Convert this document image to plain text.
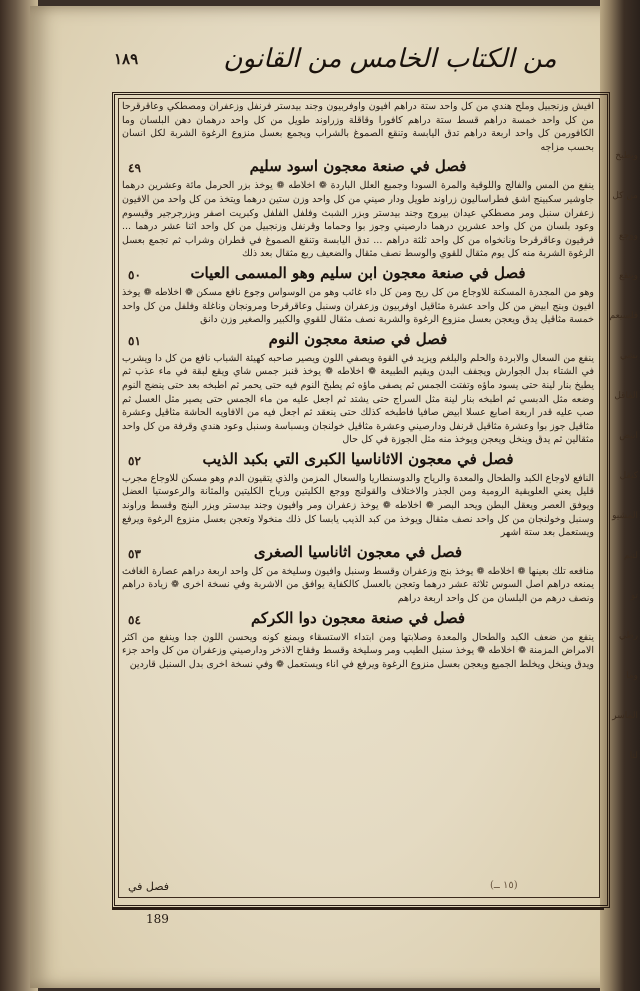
ويطبخ
من كل
ووجع
وينقع
فلسيعم
بشي
الفاقل
ابيض
كيقل
المشيو
لتيم
تو
رطي
وما
الماسر
لتا
١٨٩	من الكتاب الخامس من القانون

افيش وزنجبيل وملح هندي من كل واحد ستة دراهم افيون واوفربيون وجند بيدستر فرنفل وزعفران ومصطكي وعاقرقرحا من كل واحد خمسة دراهم قسط ستة دراهم كافورا وقاقلة وزراوند طويل من كل واحد درهمان دهن البلسان وما الكافورمن كل واحد اربعة دراهم تدق اليابسة وتنقع الصموغ بالشراب ويجمع بعسل منزوع الرغوة الشربة لكل انسان بحسب مزاجه

فصل في صنعة معجون اسود سليم
٤٩

ينفع من المس والفالج واللوقية والمرة السودا وجميع العلل الباردة ❁ اخلاطه ❁ يوخذ بزر الحرمل مائة وعشرين درهما جاوشير سكبينج اشق فطراساليون زراوند طويل ودار صيني من كل واحد وزن ستين درهما ويتخذ من كل واحد من الافيون زعفران سنبل ومر مصطكي عيدان بيروج وجند بيدستر وبزر الشبث وفلفل الفلفل وكبريت اصفر وبزرجرجير وقيسوم وعود بلسان من كل واحد عشرين درهما دارصيني وجوز بوا وحماما وقرنفل وزنجبيل من كل واحد اثنا عشر درهما ... فرفيون وعاقرقرحا ونانخواه من كل واحد ثلثة دراهم ... تدق اليابسة وتنقع الصموغ في قطران وشراب ثم تجمع بعسل الرغوة الشربة منه كل يوم مثقال للقوي والوسط نصف مثقال والضعيف ربع مثقال بعد ذلك

فصل في صنعة معجون ابن سليم وهو المسمى العيات
٥٠

وهو من المجدرة المسكنة للاوجاع من كل ريح ومن كل داء غائب وهو من الوسواس وجوع نافع مسكن ❁ اخلاطه ❁ يوخذ افيون وبنج ابيض من كل واحد عشرة مثاقيل اوفربيون وزعفران وسنبل وعاقرقرحا ومرونجان وناغلة وفلفل من كل واحد خمسة مثاقيل يدق ويعجن بعسل منزوع الرغوة والشربة نصف مثقال للقوي والكبير والصغير وزن دانق

فصل في صنعة معجون النوم
٥١

ينفع من السعال والابردة والحلم والبلغم ويزيد في القوة ويصفي اللون ويصير صاحبه كهيئة الشباب نافع من كل دا ويشرب في الشتاء بدل الجوارش ويجفف البدن ويقيم الطبيعة ❁ اخلاطه ❁ يوخذ قنبز جمس شاي ويقع لبقة في ماء عذب ثم يطبخ بنار لينة حتى يسود ماؤه وتفتت الجمس ثم يصفى ماؤه ثم يطبخ النوم فيه حتى يحمر ثم اطبخه بعد حتى ينضج النوم وضعه مثل الدبسي ثم اطبخه بنار لينة مثل السراج حتى يشتد ثم اجعل عليه من ماء الجمس حتى يصير مثل العسل ثم صب عليه قدر اربعة اصابع عسلا ابيض صافيا فاطبخه كذلك حتى ينعقد ثم اجعل فيه من الافاويه الحاشة مثاقيل وعشرة مثاقيل جوز بوا وعشرة مثاقيل قرنفل ودارصيني وعشرة مثاقيل خولنجان وبسباسة وسنبل وعود هندي وقرفة من كل واحد مثقالين ثم يدق وينخل ويعجن ويوخذ منه مثل الجوزة في كل حال

فصل في معجون الاثاناسيا الكبرى التي بكبد الذيب
٥٢

النافع لاوجاع الكبد والطحال والمعدة والرياح والدوسنطاريا والسعال المزمن والذي يتقيون الدم وهو مسكن للاوجاع مجرب قليل يعني العلويقية الرومية ومن الجذر والاختلاف والقولنج ووجع الكليتين ورياح الكليتين والمثانة والرعوستيا العضل ويوفق العصر ويعقل البطن ويحد البصر ❁ اخلاطه ❁ يوخذ زعفران ومر وافيون وجند بيدستر وبزر البنج وقسط وراوند وسنبل وخولنجان من كل واحد نصف مثقال ويوخذ من كبد الذيب يابسا كل ذلك منخولا وتعجن بعسل منزوع الرغوة ويرفع ويستعمل بعد ستة اشهر

فصل في معجون اثاناسيا الصغرى
٥٣

منافعه تلك بعينها ❁ اخلاطه ❁ يوخذ بنج وزعفران وقسط وسنبل وافيون وسليخة من كل واحد اربعة دراهم عصارة الغافث يمنعه دراهم اصل السوس ثلاثة عشر درهما وتعجن بالعسل كالكفاية يوافق من الاشربة وفي نسخة اخرى ❁ زيادة دراهم ونصف درهم من البلسان من كل واحد اربعة دراهم

فصل في صنعة معجون دوا الكركم
٥٤

ينفع من ضعف الكبد والطحال والمعدة وصلابتها ومن ابتداء الاستسقاء ويمنع كونه ويحسن اللون جدا وينفع من اكثر الامراض المزمنة ❁ اخلاطه ❁ يوخذ سنبل الطيب ومر وسليخة وقسط وفقاح الاذخر ودارصيني وزعفران من كل واحد جزء ويدق وينخل ويخلط الجميع ويعجن بعسل منزوع الرغوة ويرفع في اناء ويستعمل ❁ وفي نسخة اخرى بدل السنبل قاردين

فصل في	(١٥ ــ)
189
